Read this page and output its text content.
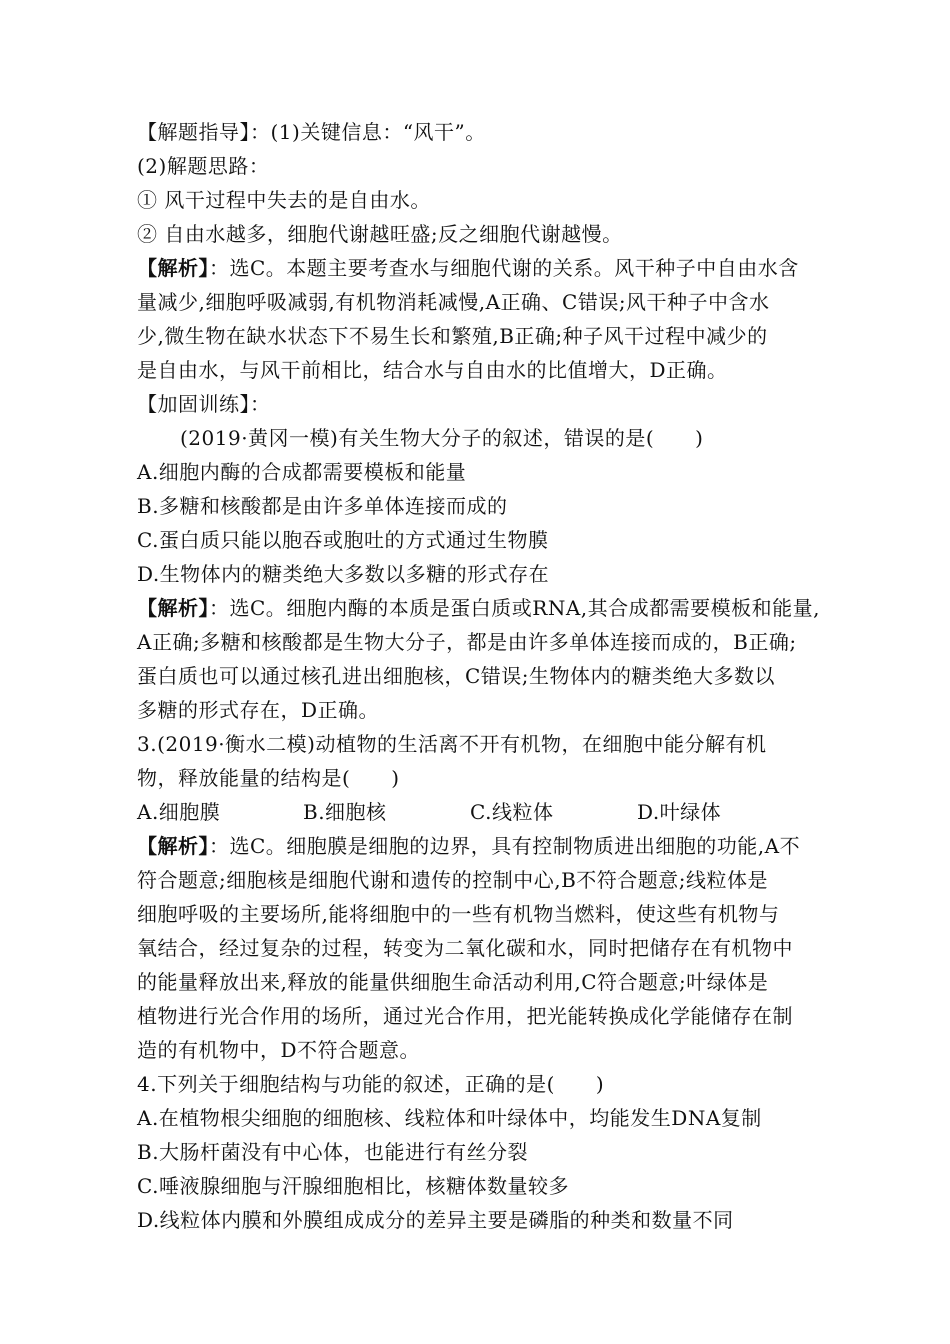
【解题指导】：(1)关键信息：“风干”。
(2)解题思路：
① 风干过程中失去的是自由水。
② 自由水越多，细胞代谢越旺盛;反之细胞代谢越慢。
【解析】：选C。本题主要考查水与细胞代谢的关系。风干种子中自由水含
量减少,细胞呼吸减弱,有机物消耗减慢,A正确、C错误;风干种子中含水
少,微生物在缺水状态下不易生长和繁殖,B正确;种子风干过程中减少的
是自由水，与风干前相比，结合水与自由水的比值增大，D正确。
【加固训练】：
(2019·黄冈一模)有关生物大分子的叙述，错误的是(　　)
A.细胞内酶的合成都需要模板和能量
B.多糖和核酸都是由许多单体连接而成的
C.蛋白质只能以胞吞或胞吐的方式通过生物膜
D.生物体内的糖类绝大多数以多糖的形式存在
【解析】：选C。细胞内酶的本质是蛋白质或RNA,其合成都需要模板和能量,
A正确;多糖和核酸都是生物大分子，都是由许多单体连接而成的，B正确;
蛋白质也可以通过核孔进出细胞核，C错误;生物体内的糖类绝大多数以
多糖的形式存在，D正确。
3.(2019·衡水二模)动植物的生活离不开有机物，在细胞中能分解有机
物，释放能量的结构是(　　)
A.细胞膜	B.细胞核	C.线粒体	D.叶绿体
【解析】：选C。细胞膜是细胞的边界，具有控制物质进出细胞的功能,A不
符合题意;细胞核是细胞代谢和遗传的控制中心,B不符合题意;线粒体是
细胞呼吸的主要场所,能将细胞中的一些有机物当燃料，使这些有机物与
氧结合，经过复杂的过程，转变为二氧化碳和水，同时把储存在有机物中
的能量释放出来,释放的能量供细胞生命活动利用,C符合题意;叶绿体是
植物进行光合作用的场所，通过光合作用，把光能转换成化学能储存在制
造的有机物中，D不符合题意。
4.下列关于细胞结构与功能的叙述，正确的是(　　)
A.在植物根尖细胞的细胞核、线粒体和叶绿体中，均能发生DNA复制
B.大肠杆菌没有中心体，也能进行有丝分裂
C.唾液腺细胞与汗腺细胞相比，核糖体数量较多
D.线粒体内膜和外膜组成成分的差异主要是磷脂的种类和数量不同
